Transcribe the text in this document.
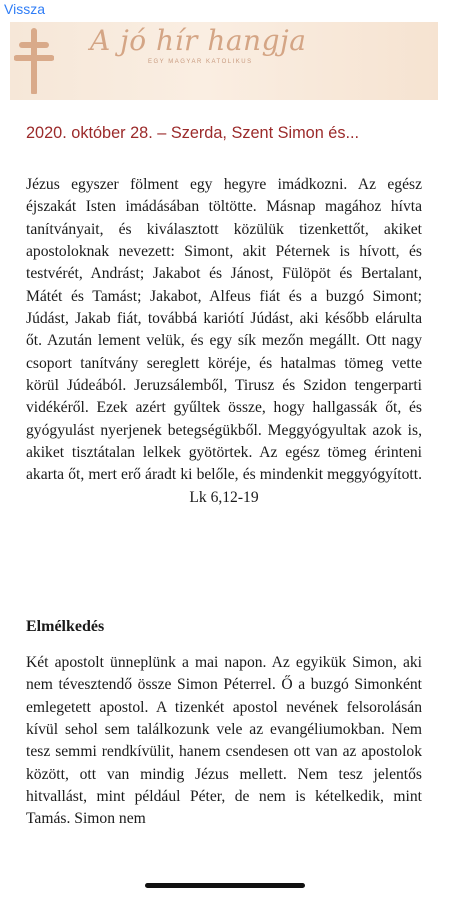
Vissza
A jó hír hangja
EGY MAGYAR KATOLIKUS
2020. október 28. – Szerda, Szent Simon és...

Jézus egyszer fölment egy hegyre imádkozni. Az egész éjszakát Isten imádásában töltötte. Másnap magához hívta tanítványait, és kiválasztott közülük tizenkettőt, akiket apostoloknak nevezett: Simont, akit Péternek is hívott, és testvérét, Andrást; Jakabot és Jánost, Fülöpöt és Bertalant, Mátét és Tamást; Jakabot, Alfeus fiát és a buzgó Simont; Júdást, Jakab fiát, továbbá kariótí Júdást, aki később elárulta őt. Azután lement velük, és egy sík mezőn megállt. Ott nagy csoport tanítvány sereglett köréje, és hatalmas tömeg vette körül Júdeából. Jeruzsálemből, Tirusz és Szidon tengerparti vidékéről. Ezek azért gyűltek össze, hogy hallgassák őt, és gyógyulást nyerjenek betegségükből. Meggyógyultak azok is, akiket tisztátalan lelkek gyötörtek. Az egész tömeg érinteni akarta őt, mert erő áradt ki belőle, és mindenkit meggyógyított. Lk 6,12-19

Elmélkedés

Két apostolt ünneplünk a mai napon. Az egyikük Simon, aki nem tévesztendő össze Simon Péterrel. Ő a buzgó Simonként emlegetett apostol. A tizenkét apostol nevének felsorolásán kívül sehol sem találkozunk vele az evangéliumokban. Nem tesz semmi rendkívülit, hanem csendesen ott van az apostolok között, ott van mindig Jézus mellett. Nem tesz jelentős hitvallást, mint például Péter, de nem is kételkedik, mint Tamás. Simon nem
